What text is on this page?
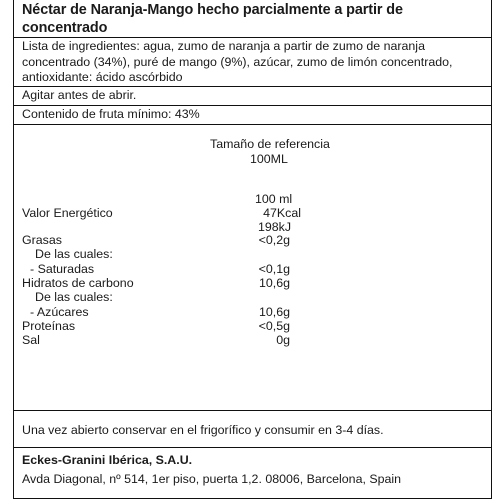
Néctar de Naranja-Mango hecho parcialmente a partir de
concentrado
Lista de ingredientes: agua, zumo de naranja a partir de zumo de naranja
concentrado (34%), puré de mango (9%), azúcar, zumo de limón concentrado,
antioxidante: ácido ascórbido
Agitar antes de abrir.
Contenido de fruta mínimo: 43%
Tamaño de referencia
100ML
100 ml
Valor Energético	47Kcal
198kJ
Grasas	<0,2g
De las cuales:
- Saturadas	<0,1g
Hidratos de carbono	10,6g
De las cuales:
- Azúcares	10,6g
Proteínas	<0,5g
Sal	0g
Una vez abierto conservar en el frigorífico y consumir en 3-4 días.
Eckes-Granini Ibérica, S.A.U.
Avda Diagonal, nº 514, 1er piso, puerta 1,2. 08006, Barcelona, Spain
